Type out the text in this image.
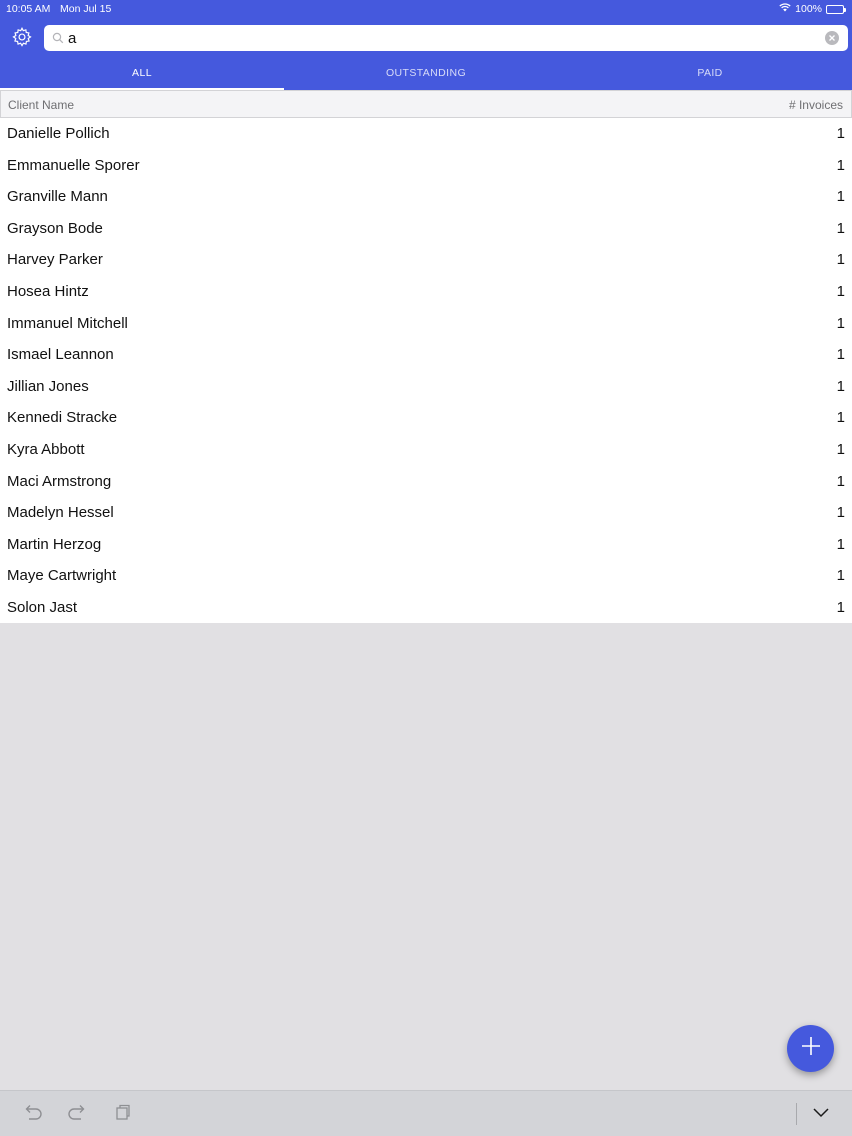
10:05 AM Mon Jul 15	100%
a
ALL	OUTSTANDING	PAID
Client Name	# Invoices
Danielle Pollich	1
Emmanuelle Sporer	1
Granville Mann	1
Grayson Bode	1
Harvey Parker	1
Hosea Hintz	1
Immanuel Mitchell	1
Ismael Leannon	1
Jillian Jones	1
Kennedi Stracke	1
Kyra Abbott	1
Maci Armstrong	1
Madelyn Hessel	1
Martin Herzog	1
Maye Cartwright	1
Solon Jast	1
